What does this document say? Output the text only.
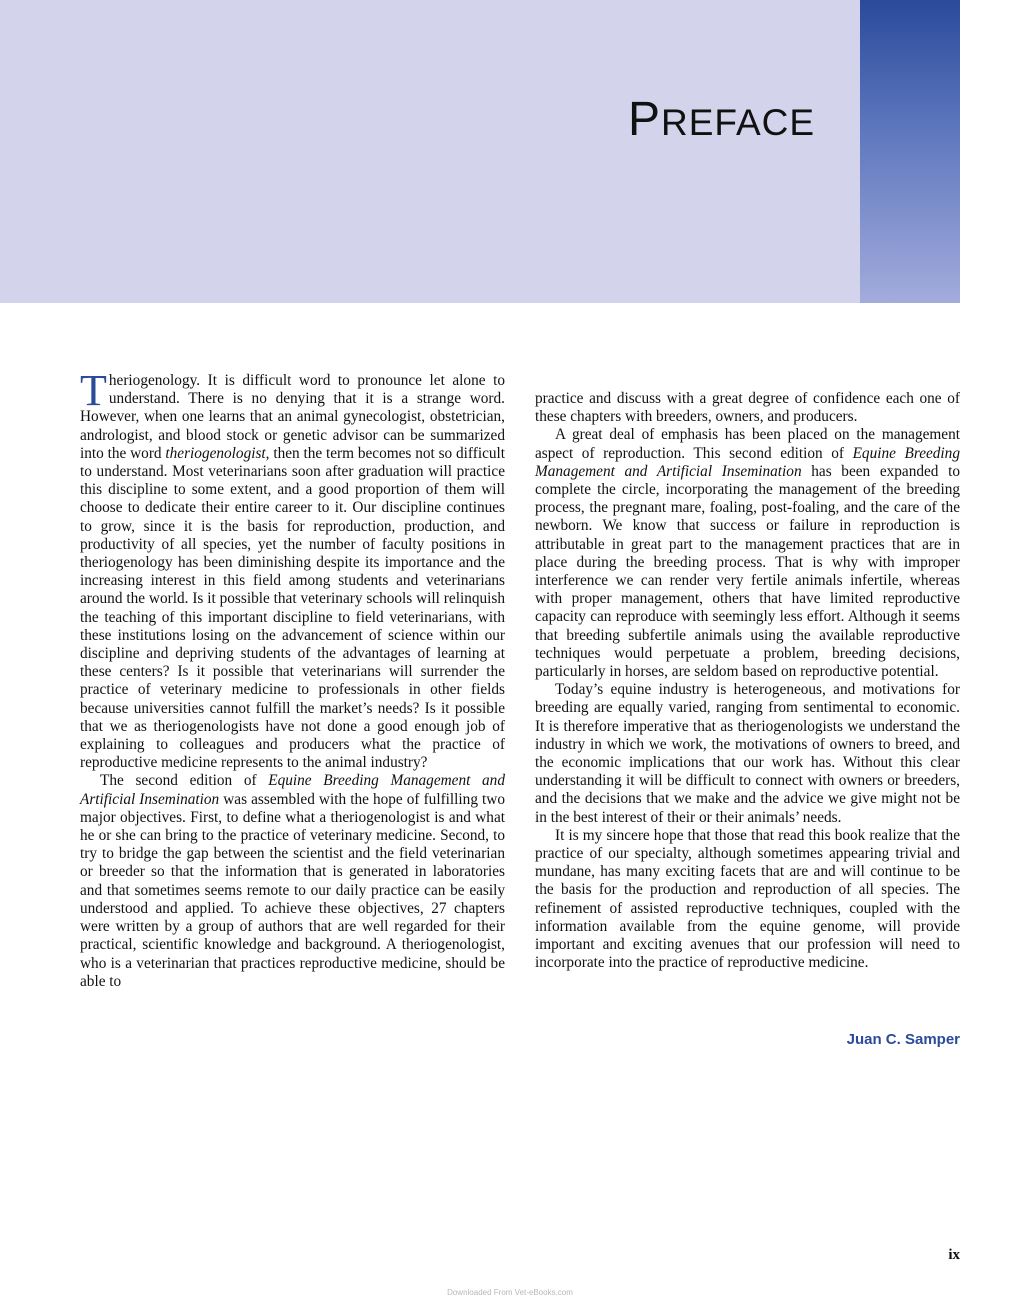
PREFACE

Theriogenology. It is difficult word to pronounce let alone to understand. There is no denying that it is a strange word. However, when one learns that an animal gynecologist, obstetrician, andrologist, and blood stock or genetic advisor can be summarized into the word theriogenologist, then the term becomes not so difficult to understand. Most veterinarians soon after graduation will practice this discipline to some extent, and a good proportion of them will choose to dedicate their entire career to it. Our discipline continues to grow, since it is the basis for reproduction, production, and productivity of all species, yet the number of faculty positions in theriogenology has been diminishing despite its importance and the increasing interest in this field among students and veterinarians around the world. Is it possible that veterinary schools will relinquish the teaching of this important discipline to field veterinarians, with these institutions losing on the advancement of science within our discipline and depriving students of the advantages of learning at these centers? Is it possible that veterinarians will surrender the practice of veterinary medicine to professionals in other fields because universities cannot fulfill the market’s needs? Is it possible that we as theriogenologists have not done a good enough job of explaining to colleagues and producers what the practice of reproductive medicine represents to the animal industry?

The second edition of Equine Breeding Management and Artificial Insemination was assembled with the hope of fulfilling two major objectives. First, to define what a theriogenologist is and what he or she can bring to the practice of veterinary medicine. Second, to try to bridge the gap between the scientist and the field veterinarian or breeder so that the information that is generated in laboratories and that sometimes seems remote to our daily practice can be easily understood and applied. To achieve these objectives, 27 chapters were written by a group of authors that are well regarded for their practical, scientific knowledge and background. A theriogenologist, who is a veterinarian that practices reproductive medicine, should be able to

practice and discuss with a great degree of confidence each one of these chapters with breeders, owners, and producers.

A great deal of emphasis has been placed on the management aspect of reproduction. This second edition of Equine Breeding Management and Artificial Insemination has been expanded to complete the circle, incorporating the management of the breeding process, the pregnant mare, foaling, post-foaling, and the care of the newborn. We know that success or failure in reproduction is attributable in great part to the management practices that are in place during the breeding process. That is why with improper interference we can render very fertile animals infertile, whereas with proper management, others that have limited reproductive capacity can reproduce with seemingly less effort. Although it seems that breeding subfertile animals using the available reproductive techniques would perpetuate a problem, breeding decisions, particularly in horses, are seldom based on reproductive potential.

Today’s equine industry is heterogeneous, and motivations for breeding are equally varied, ranging from sentimental to economic. It is therefore imperative that as theriogenologists we understand the industry in which we work, the motivations of owners to breed, and the economic implications that our work has. Without this clear understanding it will be difficult to connect with owners or breeders, and the decisions that we make and the advice we give might not be in the best interest of their or their animals’ needs.

It is my sincere hope that those that read this book realize that the practice of our specialty, although sometimes appearing trivial and mundane, has many exciting facets that are and will continue to be the basis for the production and reproduction of all species. The refinement of assisted reproductive techniques, coupled with the information available from the equine genome, will provide important and exciting avenues that our profession will need to incorporate into the practice of reproductive medicine.

Juan C. Samper

ix

Downloaded From Vet-eBooks.com
